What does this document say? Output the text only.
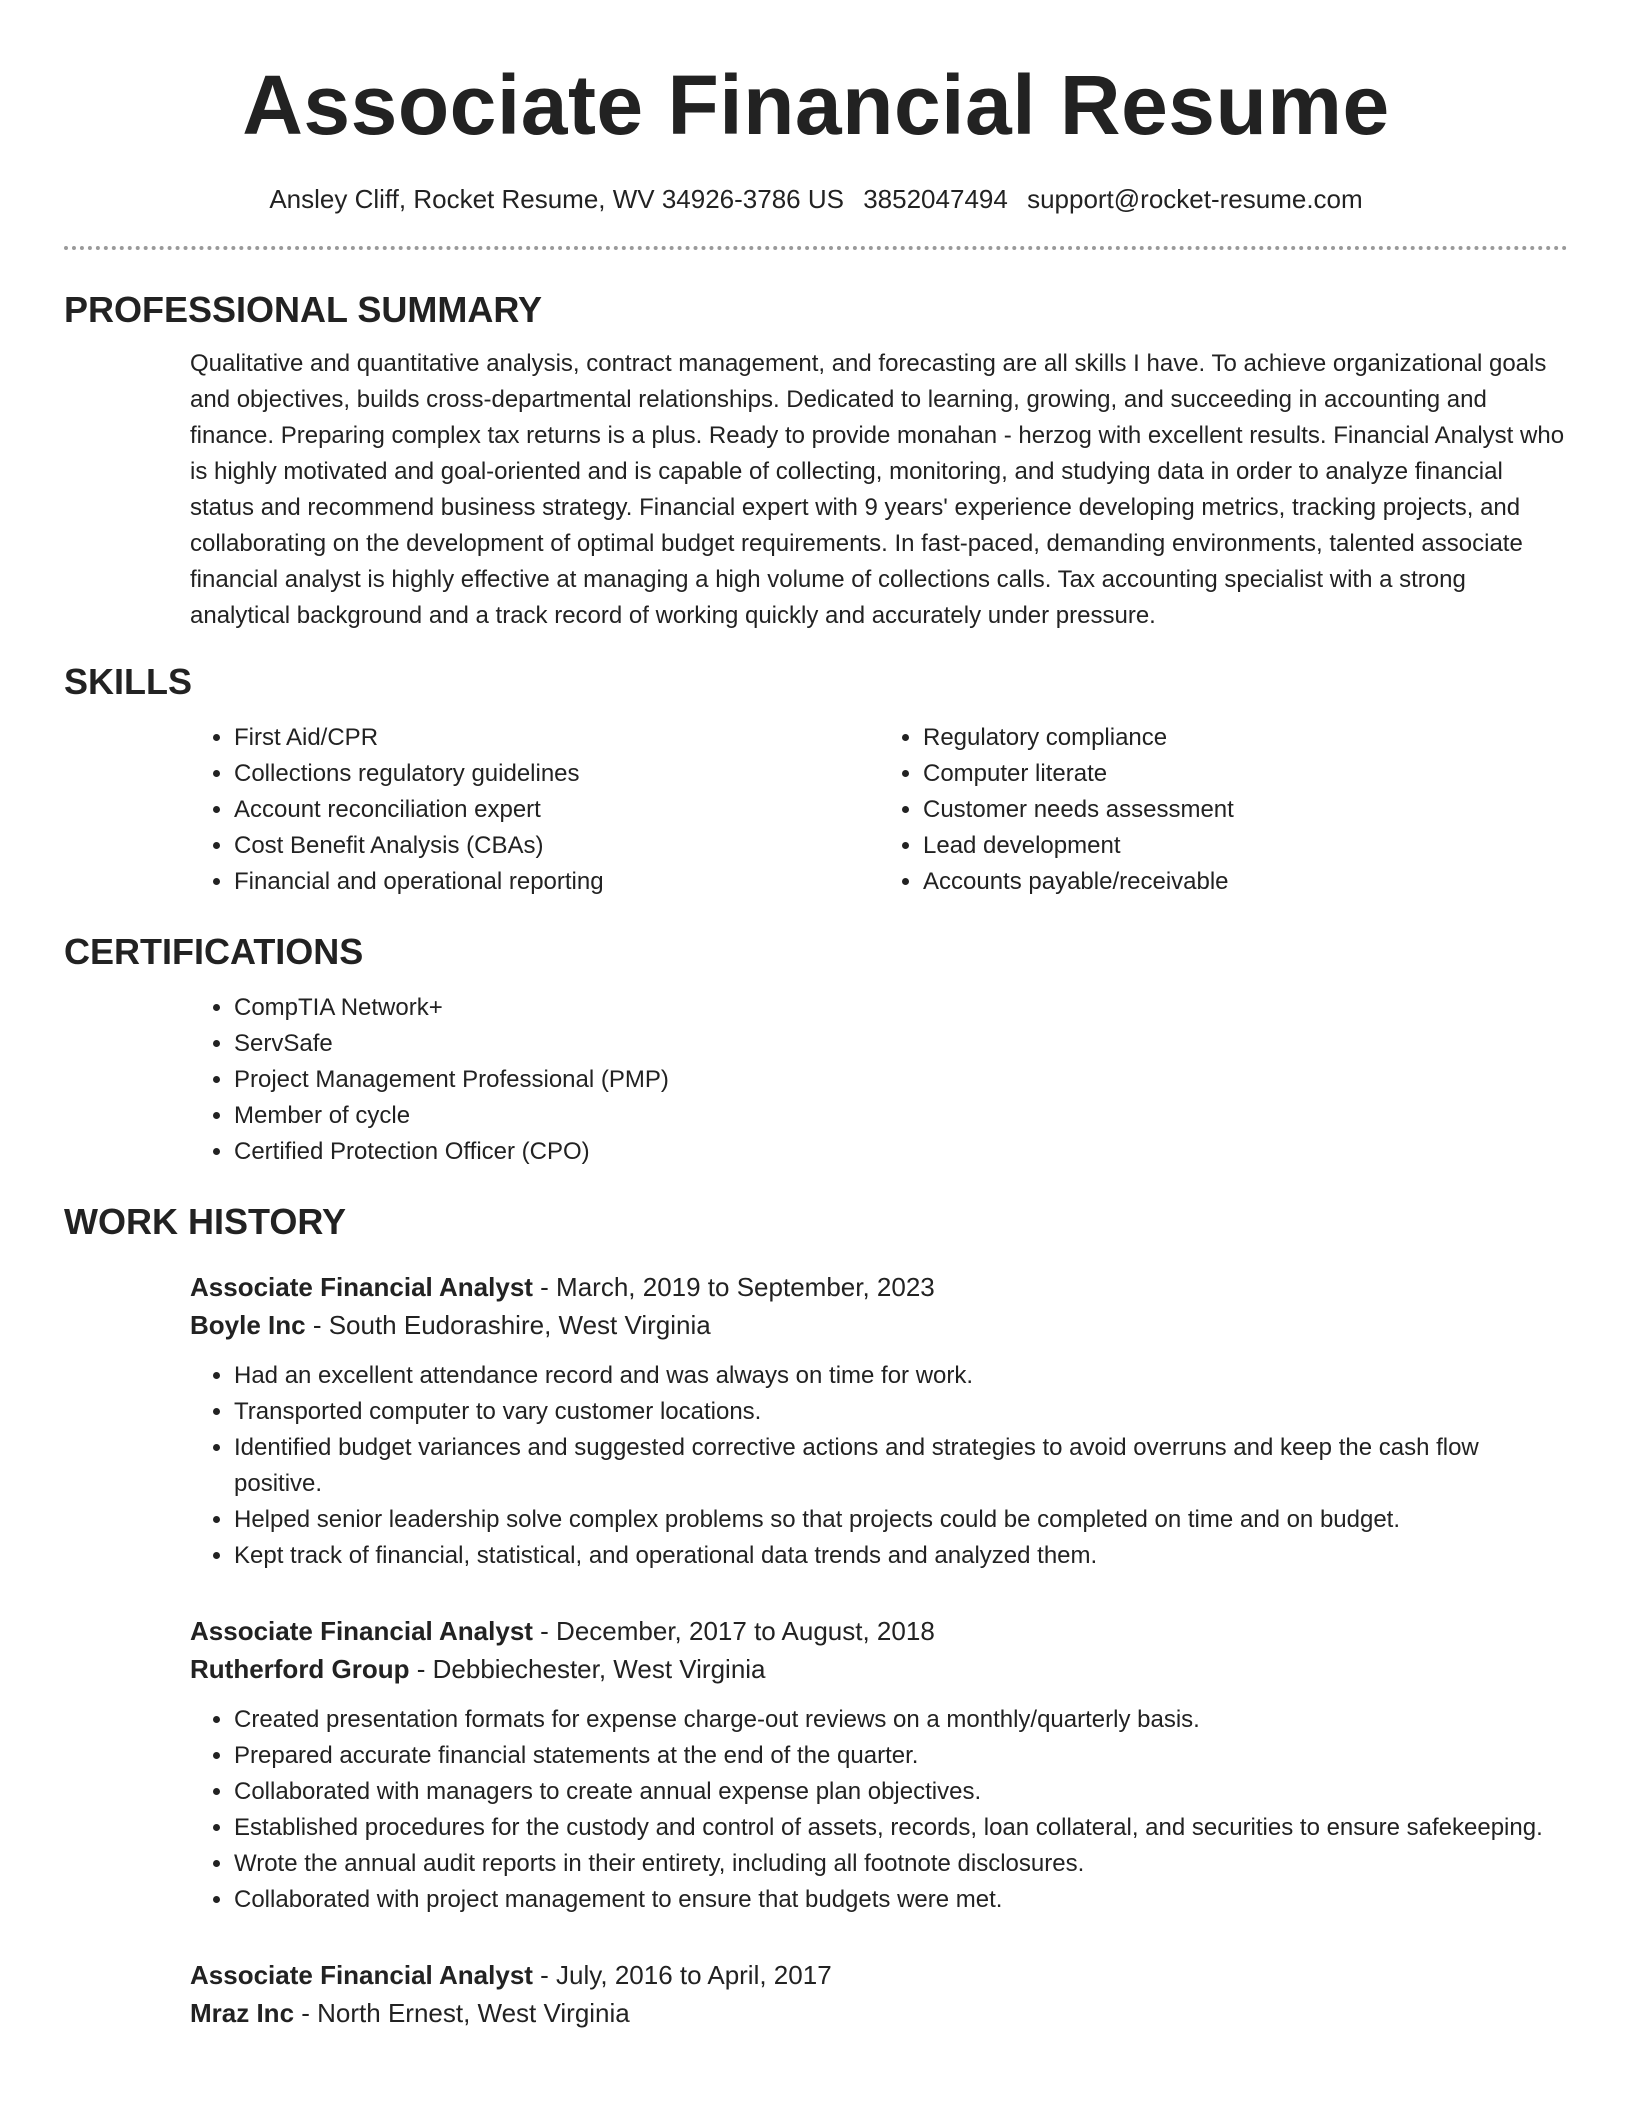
Associate Financial Resume
Ansley Cliff, Rocket Resume, WV 34926-3786 US 3852047494 support@rocket-resume.com
PROFESSIONAL SUMMARY
Qualitative and quantitative analysis, contract management, and forecasting are all skills I have. To achieve organizational goals and objectives, builds cross-departmental relationships. Dedicated to learning, growing, and succeeding in accounting and finance. Preparing complex tax returns is a plus. Ready to provide monahan - herzog with excellent results. Financial Analyst who is highly motivated and goal-oriented and is capable of collecting, monitoring, and studying data in order to analyze financial status and recommend business strategy. Financial expert with 9 years' experience developing metrics, tracking projects, and collaborating on the development of optimal budget requirements. In fast-paced, demanding environments, talented associate financial analyst is highly effective at managing a high volume of collections calls. Tax accounting specialist with a strong analytical background and a track record of working quickly and accurately under pressure.
SKILLS
• First Aid/CPR
• Collections regulatory guidelines
• Account reconciliation expert
• Cost Benefit Analysis (CBAs)
• Financial and operational reporting
• Regulatory compliance
• Computer literate
• Customer needs assessment
• Lead development
• Accounts payable/receivable
CERTIFICATIONS
• CompTIA Network+
• ServSafe
• Project Management Professional (PMP)
• Member of cycle
• Certified Protection Officer (CPO)
WORK HISTORY
Associate Financial Analyst - March, 2019 to September, 2023
Boyle Inc - South Eudorashire, West Virginia
• Had an excellent attendance record and was always on time for work.
• Transported computer to vary customer locations.
• Identified budget variances and suggested corrective actions and strategies to avoid overruns and keep the cash flow positive.
• Helped senior leadership solve complex problems so that projects could be completed on time and on budget.
• Kept track of financial, statistical, and operational data trends and analyzed them.
Associate Financial Analyst - December, 2017 to August, 2018
Rutherford Group - Debbiechester, West Virginia
• Created presentation formats for expense charge-out reviews on a monthly/quarterly basis.
• Prepared accurate financial statements at the end of the quarter.
• Collaborated with managers to create annual expense plan objectives.
• Established procedures for the custody and control of assets, records, loan collateral, and securities to ensure safekeeping.
• Wrote the annual audit reports in their entirety, including all footnote disclosures.
• Collaborated with project management to ensure that budgets were met.
Associate Financial Analyst - July, 2016 to April, 2017
Mraz Inc - North Ernest, West Virginia
